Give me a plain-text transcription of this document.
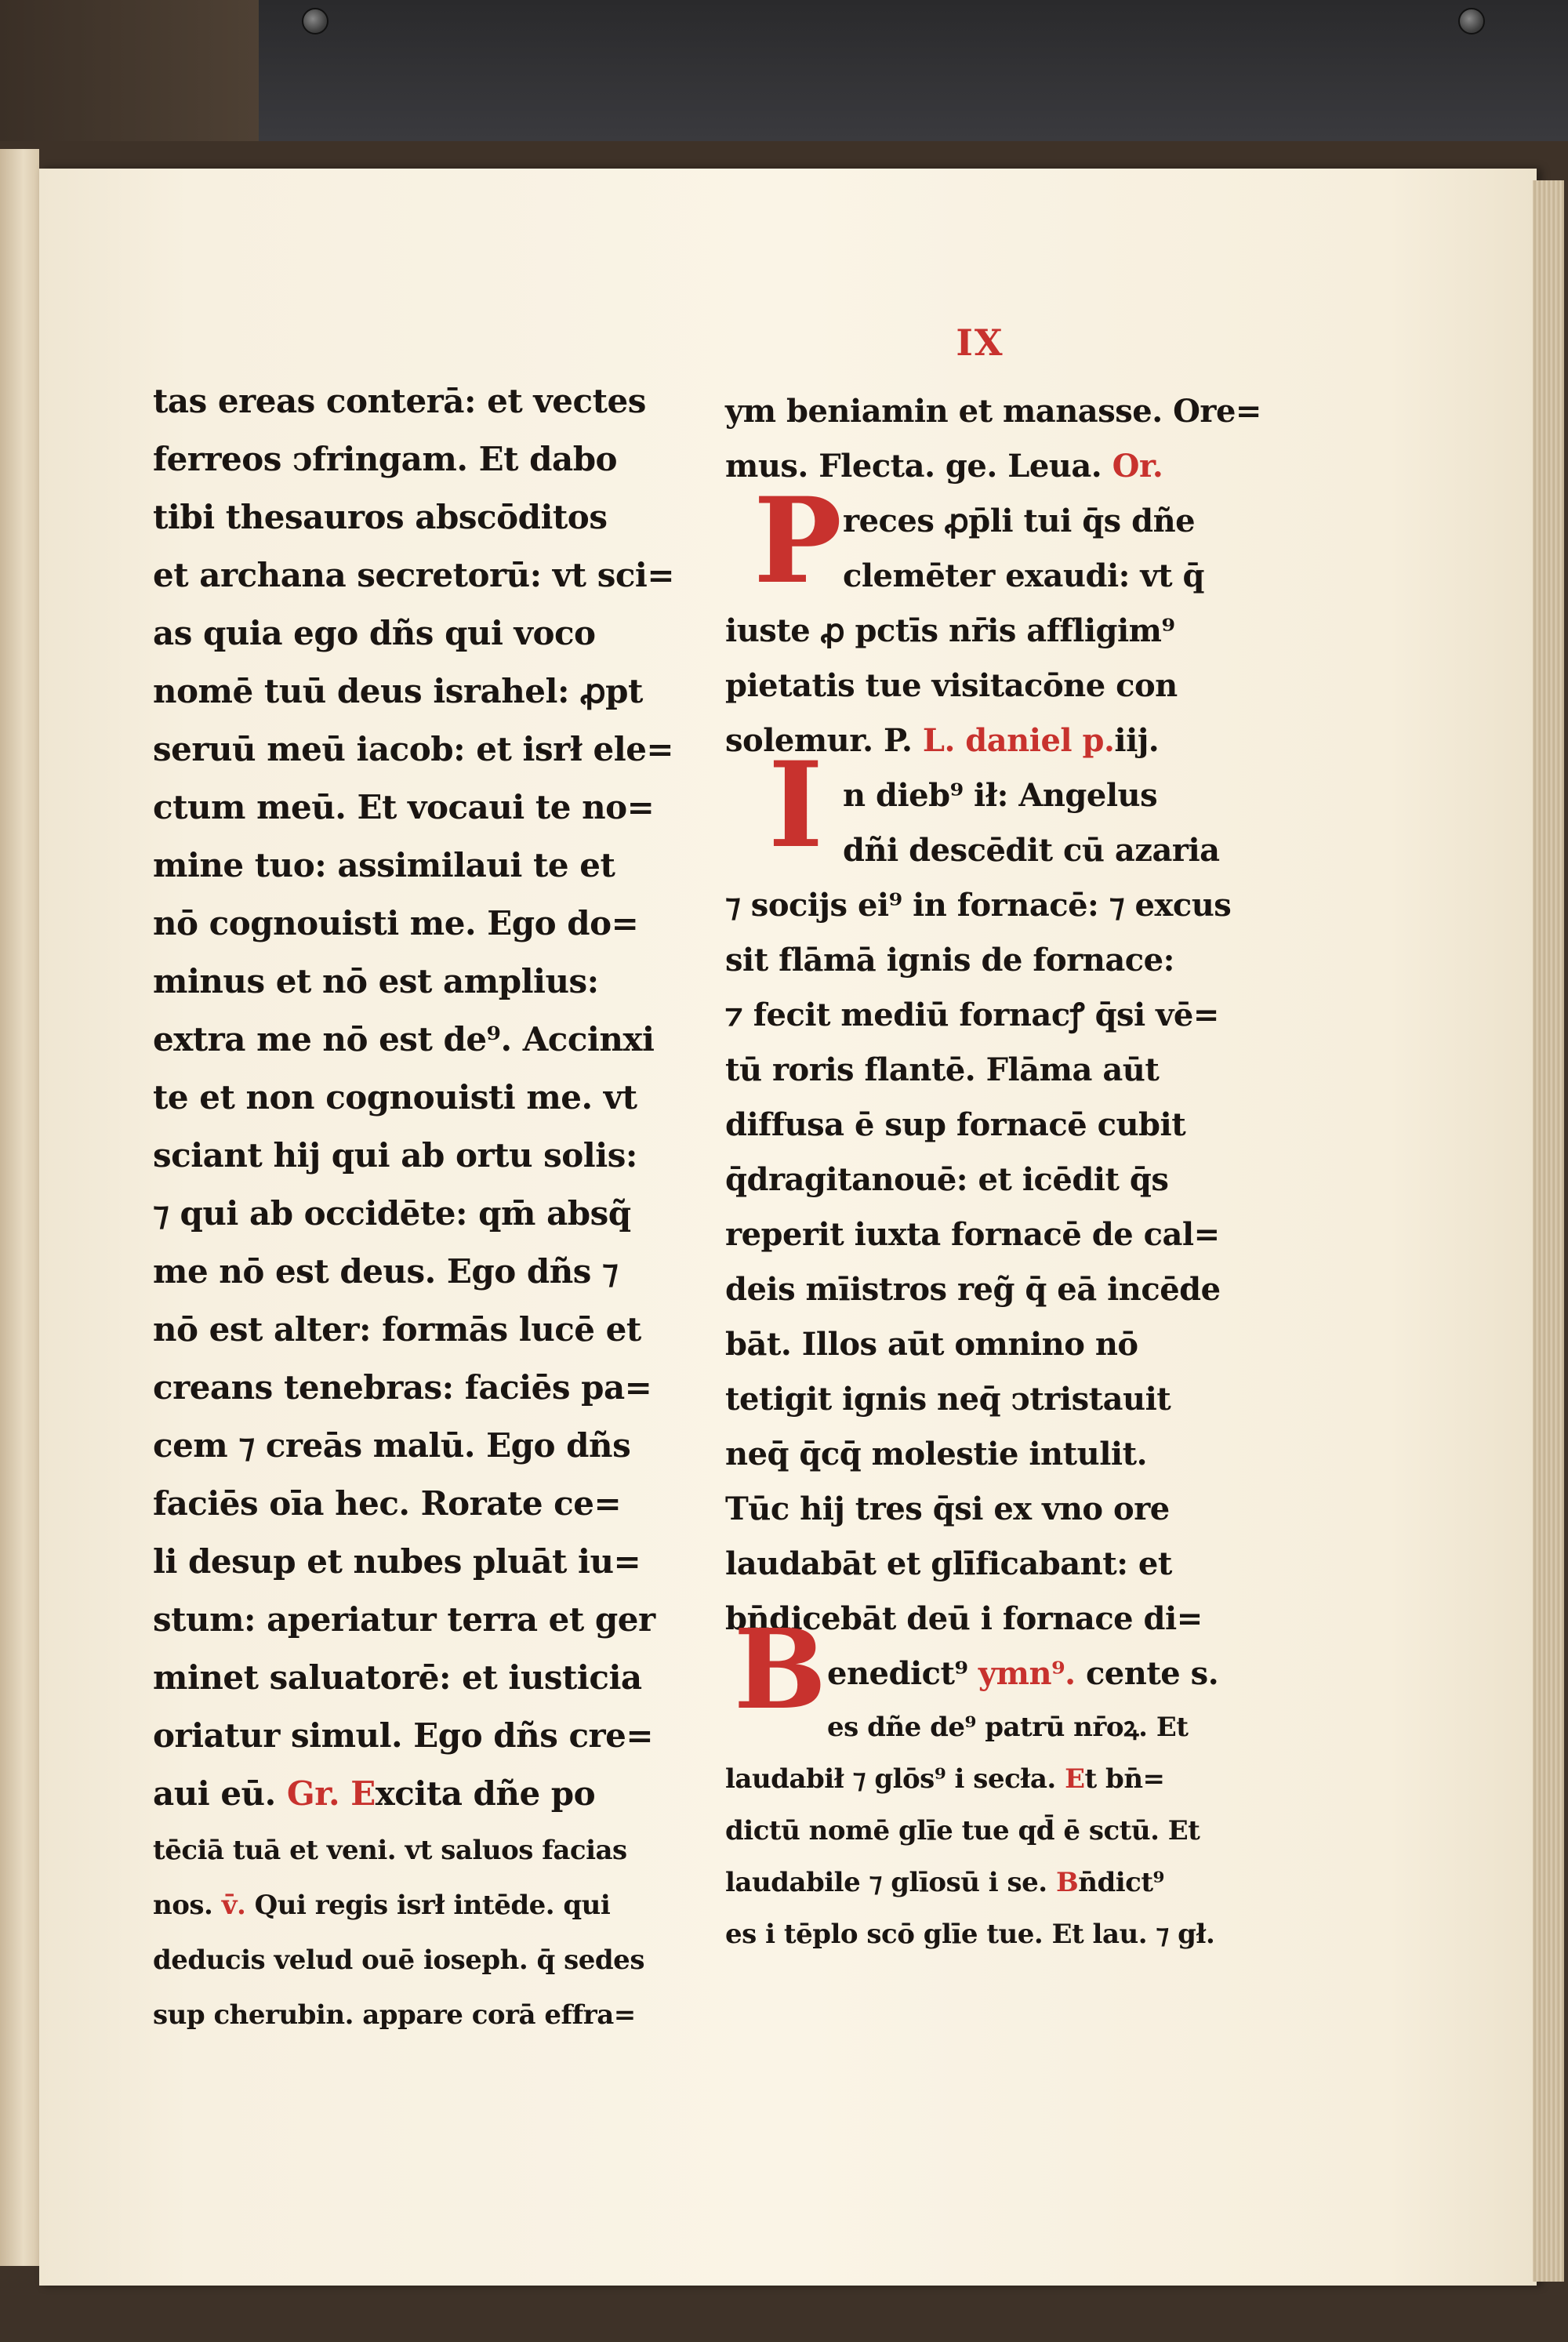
IX
tas ereas conterā: et vectes
ferreos ↄfringam. Et dabo
tibi thesauros abscōditos
et archana secretorū: vt sci=
as quia ego dñs qui voco
nomē tuū deus israhel: ꝓpt
seruū meū iacob: et isrł ele=
ctum meū. Et vocaui te no=
mine tuo: assimilaui te et
nō cognouisti me. Ego do=
minus et nō est amplius:
extra me nō est de⁹. Accinxi
te et non cognouisti me. vt
sciant hij qui ab ortu solis:
⁊ qui ab occidēte: qm̄ absq̃
me nō est deus. Ego dñs ⁊
nō est alter: formās lucē et
creans tenebras: faciēs pa=
cem ⁊ creās malū. Ego dñs
faciēs oīa hec. Rorate ce=
li desup et nubes pluāt iu=
stum: aperiatur terra et ger
minet saluatorē: et iusticia
oriatur simul. Ego dñs cre=
aui eū. Gr. Excita dñe po
tēciā tuā et veni. vt saluos facias
nos. v̄. Qui regis isrł intēde. qui
deducis velud ouē ioseph. q̄ sedes
sup cherubin. appare corā effra=
ym beniamin et manasse. Ore=
mus. Flecta. ge. Leua. Or.
reces ꝓp̄li tui q̄s dñe
clemēter exaudi: vt q̄
iuste ꝓ pctīs nr̄is affligim⁹
pietatis tue visitacōne con
solemur. P. L. daniel p.iij.
n dieb⁹ ił: Angelus
dñi descēdit cū azaria
⁊ socijs ei⁹ in fornacē: ⁊ excus
sit flāmā ignis de fornace:
⁊ fecit mediū fornacꝭ q̄si vē=
tū roris flantē. Flāma aūt
diffusa ē sup fornacē cubit
q̄dragitanouē: et icēdit q̄s
reperit iuxta fornacē de cal=
deis mīistros reg̃ q̄ eā incēde
bāt. Illos aūt omnino nō
tetigit ignis neq̄ ↄtristauit
neq̄ q̄cq̄ molestie intulit.
Tūc hij tres q̄si ex vno ore
laudabāt et glīficabant: et
bn̄dicebāt deū i fornace di=
enedict⁹ ymn⁹. cente s.
es dñe de⁹ patrū nr̄oꝝ. Et
laudabił ⁊ glōs⁹ i secła. Et bn̄=
dictū nomē glīe tue qd̄ ē sctū. Et
laudabile ⁊ glīosū i se. Bn̄dict⁹
es i tēplo scō glīe tue. Et lau. ⁊ gł.
P
I
B
